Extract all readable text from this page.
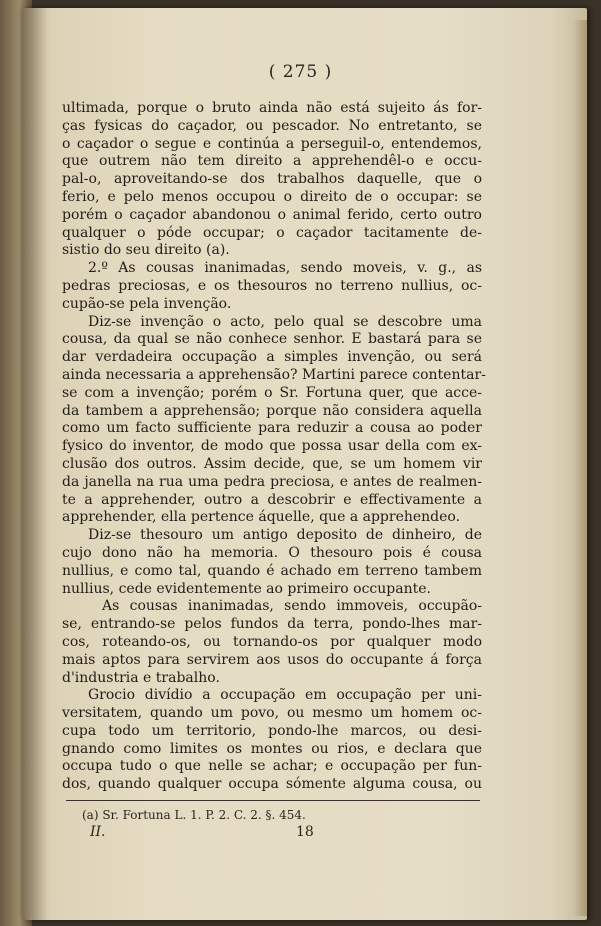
( 275 )
ultimada, porque o bruto ainda não está sujeito ás for-
ças fysicas do caçador, ou pescador. No entretanto, se
o caçador o segue e continúa a perseguil-o, entendemos,
que outrem não tem direito a apprehendêl-o e occu-
pal-o, aproveitando-se dos trabalhos daquelle, que o
ferio, e pelo menos occupou o direito de o occupar: se
porém o caçador abandonou o animal ferido, certo outro
qualquer o póde occupar; o caçador tacitamente de-
sistio do seu direito (a).
2.º As cousas inanimadas, sendo moveis, v. g., as
pedras preciosas, e os thesouros no terreno nullius, oc-
cupão-se pela invenção.
Diz-se invenção o acto, pelo qual se descobre uma
cousa, da qual se não conhece senhor. E bastará para se
dar verdadeira occupação a simples invenção, ou será
ainda necessaria a apprehensão? Martini parece contentar-
se com a invenção; porém o Sr. Fortuna quer, que acce-
da tambem a apprehensão; porque não considera aquella
como um facto sufficiente para reduzir a cousa ao poder
fysico do inventor, de modo que possa usar della com ex-
clusão dos outros. Assim decide, que, se um homem vir
da janella na rua uma pedra preciosa, e antes de realmen-
te a apprehender, outro a descobrir e effectivamente a
apprehender, ella pertence áquelle, que a apprehendeo.
Diz-se thesouro um antigo deposito de dinheiro, de
cujo dono não ha memoria. O thesouro pois é cousa
nullius, e como tal, quando é achado em terreno tambem
nullius, cede evidentemente ao primeiro occupante.
As cousas inanimadas, sendo immoveis, occupão-
se, entrando-se pelos fundos da terra, pondo-lhes mar-
cos, roteando-os, ou tornando-os por qualquer modo
mais aptos para servirem aos usos do occupante á força
d'industria e trabalho.
Grocio divídio a occupação em occupação per uni-
versitatem, quando um povo, ou mesmo um homem oc-
cupa todo um territorio, pondo-lhe marcos, ou desi-
gnando como limites os montes ou rios, e declara que
occupa tudo o que nelle se achar; e occupação per fun-
dos, quando qualquer occupa sómente alguma cousa, ou
(a) Sr. Fortuna L. 1. P. 2. C. 2. §. 454.
II.	18
